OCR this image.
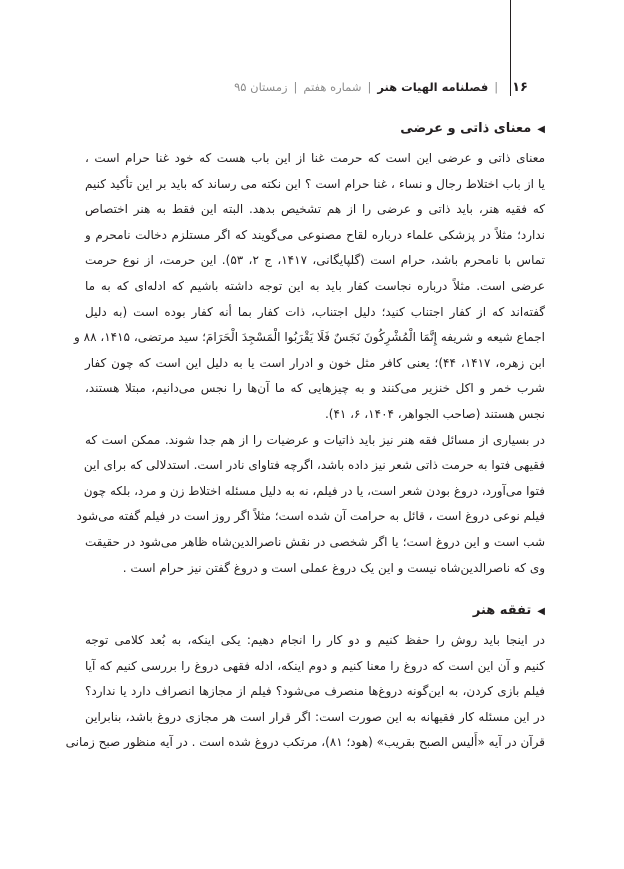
۱۶|فصلنامه الهیات هنر|شماره هفتم|زمستان ۹۵
◀معنای ذاتی و عرضی
معنای ذاتی و عرضی این است که حرمت غنا از این باب هست که خود غنا حرام است ،
یا از باب اختلاط رجال و نساء ، غنا حرام است ؟ این نکته می رساند که باید بر این تأکید کنیم
که فقیه هنر، باید ذاتی و عرضی را از هم تشخیص بدهد. البته این فقط به هنر اختصاص
ندارد؛ مثلاً در پزشکی علماء درباره لقاح مصنوعی می‌گویند که اگر مستلزم دخالت نامحرم و
تماس با نامحرم باشد، حرام است (گلپایگانی، ۱۴۱۷، ج ۲، ۵۳). این حرمت، از نوع حرمت
عرضی است. مثلاً درباره نجاست کفار باید به این توجه داشته باشیم که ادله‌ای که به ما
گفته‌اند که از کفار اجتناب کنید؛ دلیل اجتناب، ذات کفار بما أنه کفار بوده است (به دلیل
اجماع شیعه و شریفه إِنَّمَا الْمُشْرِکُونَ نَجَسٌ فَلَا یَقْرَبُوا الْمَسْجِدَ الْحَرَامَ؛ سید مرتضی، ۱۴۱۵، ۸۸ و
ابن زهره، ۱۴۱۷، ۴۴)؛ یعنی کافر مثل خون و ادرار است یا به دلیل این است که چون کفار
شرب خمر و اکل خنزیر می‌کنند و به چیزهایی که ما آن‌ها را نجس می‌دانیم، مبتلا هستند،
نجس هستند (صاحب الجواهر، ۱۴۰۴، ۶، ۴۱).
در بسیاری از مسائل فقه هنر نیز باید ذاتیات و عرضیات را از هم جدا شوند. ممکن است که
فقیهی فتوا به حرمت ذاتی شعر نیز داده باشد، اگرچه فتاوای نادر است. استدلالی که برای این
فتوا می‌آورد، دروغ بودن شعر است، یا در فیلم، نه به دلیل مسئله اختلاط زن و مرد، بلکه چون
فیلم نوعی دروغ است ، قائل به حرامت آن شده است؛ مثلاً اگر روز است در فیلم گفته می‌شود
شب است و این دروغ است؛ یا اگر شخصی در نقش ناصرالدین‌شاه ظاهر می‌شود در حقیقت
وی که ناصرالدین‌شاه نیست و این یک دروغ عملی است و دروغ گفتن نیز حرام است .
◀تفقه هنر
در اینجا باید روش را حفظ کنیم و دو کار را انجام دهیم: یکی اینکه، به بُعد کلامی توجه
کنیم و آن این است که دروغ را معنا کنیم و دوم اینکه، ادله فقهی دروغ را بررسی کنیم که آیا
فیلم بازی کردن، به این‌گونه دروغ‌ها منصرف می‌شود؟ فیلم از مجازها انصراف دارد یا ندارد؟
در این مسئله کار فقیهانه به این صورت است: اگر قرار است هر مجازی دروغ باشد، بنابراین
قرآن در آیه «أَلیس الصبح بقریب» (هود؛ ۸۱)، مرتکب دروغ شده است . در آیه منظور صبح زمانی
